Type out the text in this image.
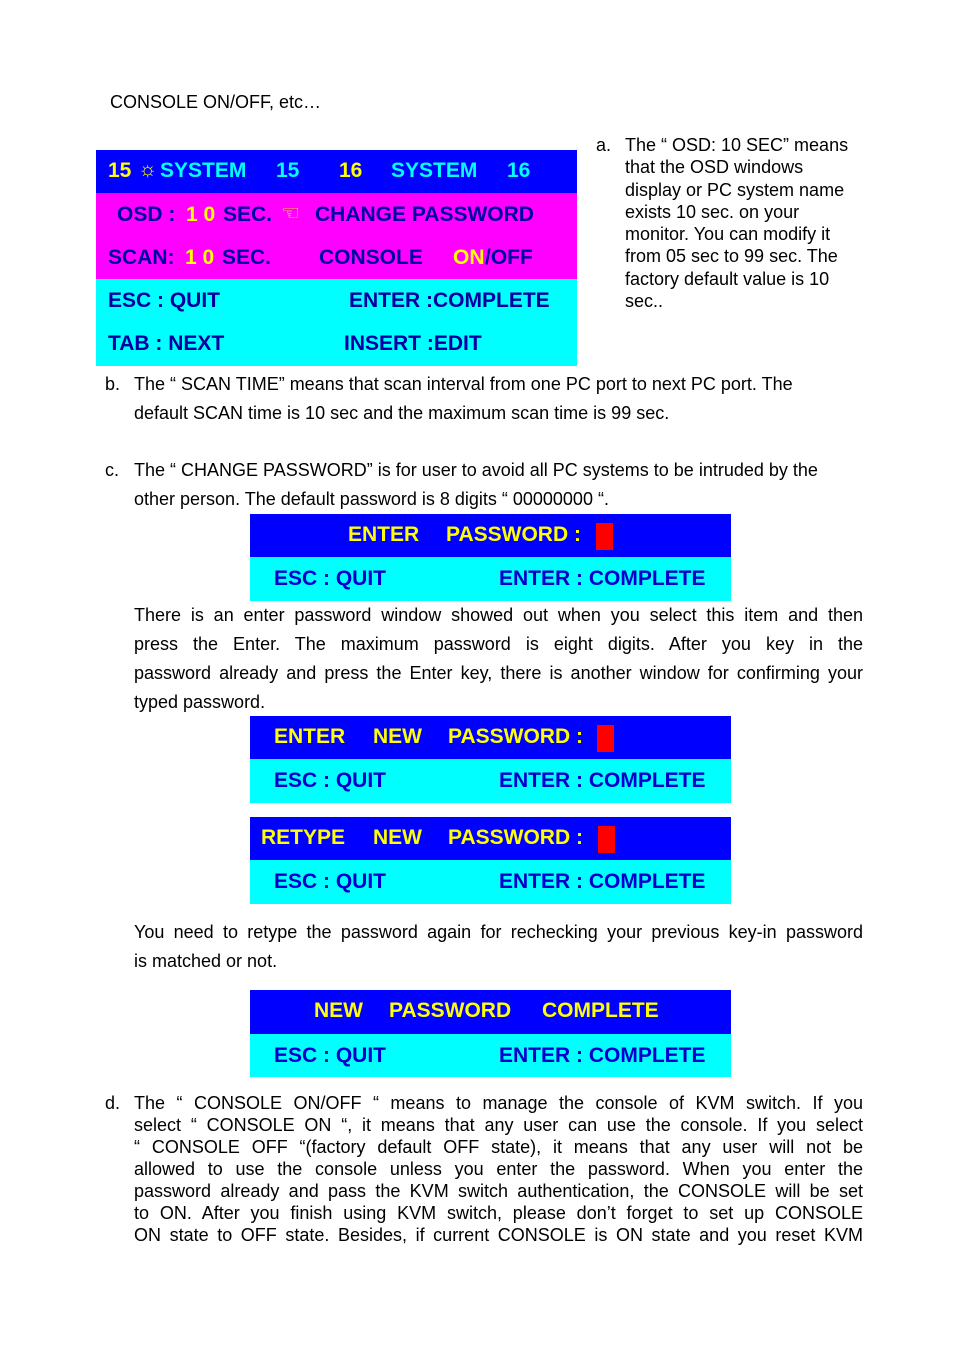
CONSOLE ON/OFF, etc…
15 ☼ SYSTEM 15 16 SYSTEM 16
OSD : 1 0 SEC. ☜ CHANGE PASSWORD
SCAN: 1 0 SEC. CONSOLE ON /OFF
ESC : QUIT	ENTER :COMPLETE
TAB : NEXT	INSERT :EDIT
a. The “ OSD: 10 SEC” means
that the OSD windows
display or PC system name
exists 10 sec. on your
monitor. You can modify it
from 05 sec to 99 sec. The
factory default value is 10
sec..
b. The “ SCAN TIME” means that scan interval from one PC port to next PC port. The
default SCAN time is 10 sec and the maximum scan time is 99 sec.
c. The “ CHANGE PASSWORD” is for user to avoid all PC systems to be intruded by the
other person. The default password is 8 digits “ 00000000 “.
ENTER PASSWORD :
ESC : QUIT	ENTER : COMPLETE
There is an enter password window showed out when you select this item and then
press the Enter. The maximum password is eight digits. After you key in the
password already and press the Enter key, there is another window for confirming your
typed password.
ENTER NEW PASSWORD :
ESC : QUIT	ENTER : COMPLETE
RETYPE NEW PASSWORD :
ESC : QUIT	ENTER : COMPLETE
You need to retype the password again for rechecking your previous key-in password
is matched or not.
NEW PASSWORD COMPLETE
ESC : QUIT	ENTER : COMPLETE
d. The “ CONSOLE ON/OFF “ means to manage the console of KVM switch. If you
select “ CONSOLE ON “, it means that any user can use the console. If you select
“ CONSOLE OFF “(factory default OFF state), it means that any user will not be
allowed to use the console unless you enter the password. When you enter the
password already and pass the KVM switch authentication, the CONSOLE will be set
to ON. After you finish using KVM switch, please don’t forget to set up CONSOLE
ON state to OFF state. Besides, if current CONSOLE is ON state and you reset KVM
